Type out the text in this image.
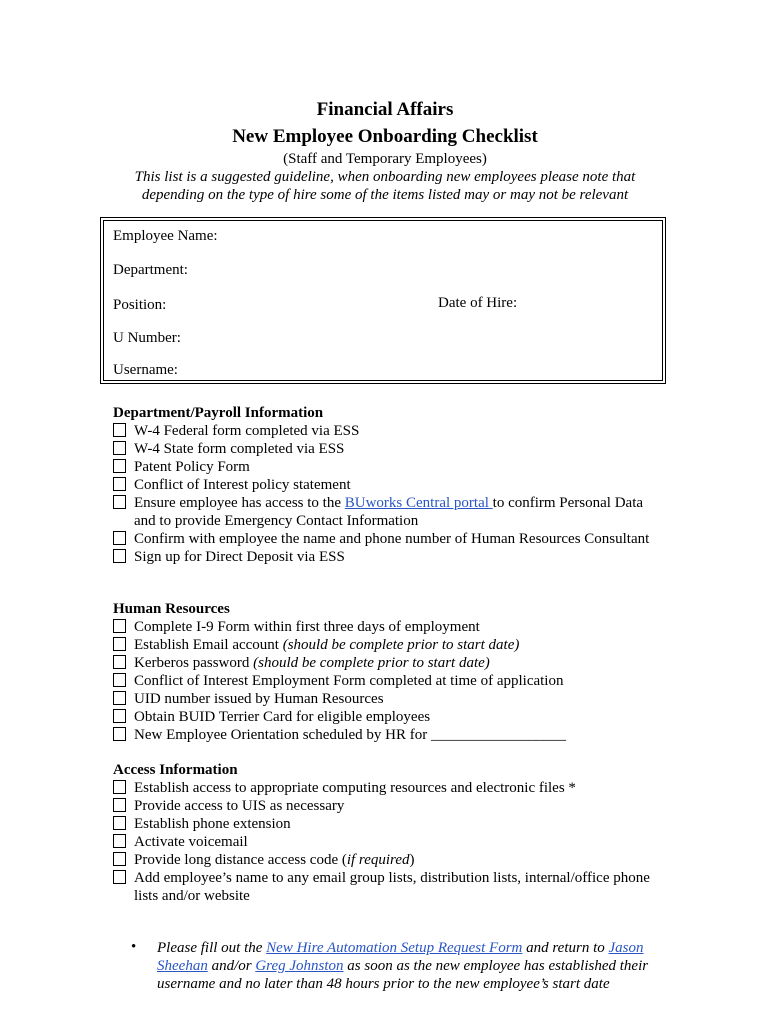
Financial Affairs
New Employee Onboarding Checklist
(Staff and Temporary Employees)
This list is a suggested guideline, when onboarding new employees please note that
depending on the type of hire some of the items listed may or may not be relevant
Employee Name:
Department:
Position:	Date of Hire:
U Number:
Username:
Department/Payroll Information
W-4 Federal form completed via ESS
W-4 State form completed via ESS
Patent Policy Form
Conflict of Interest policy statement
Ensure employee has access to the BUworks Central portal to confirm Personal Data
and to provide Emergency Contact Information
Confirm with employee the name and phone number of Human Resources Consultant
Sign up for Direct Deposit via ESS
Human Resources
Complete I-9 Form within first three days of employment
Establish Email account (should be complete prior to start date)
Kerberos password (should be complete prior to start date)
Conflict of Interest Employment Form completed at time of application
UID number issued by Human Resources
Obtain BUID Terrier Card for eligible employees
New Employee Orientation scheduled by HR for __________________
Access Information
Establish access to appropriate computing resources and electronic files *
Provide access to UIS as necessary
Establish phone extension
Activate voicemail
Provide long distance access code (if required)
Add employee’s name to any email group lists, distribution lists, internal/office phone
lists and/or website
• Please fill out the New Hire Automation Setup Request Form and return to Jason
Sheehan and/or Greg Johnston as soon as the new employee has established their
username and no later than 48 hours prior to the new employee’s start date
